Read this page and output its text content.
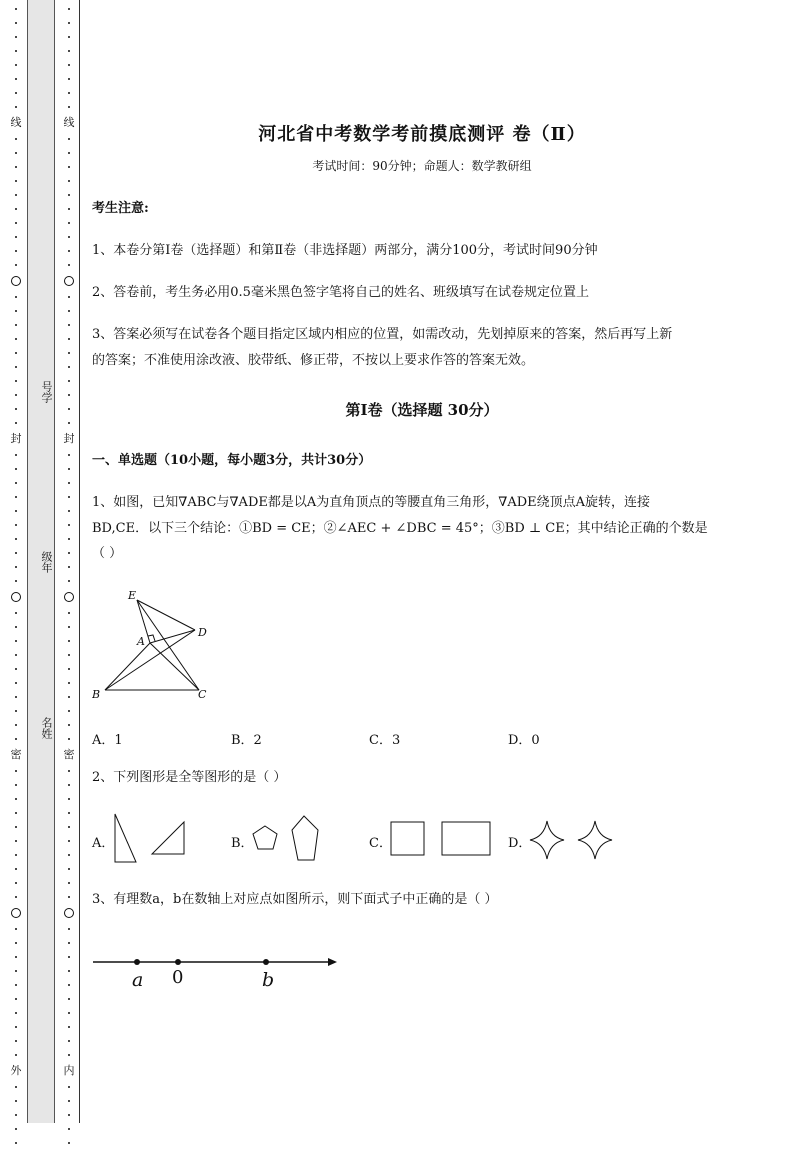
线
封
密
外
号学
级年
名姓
线
封
密
内
河北省中考数学考前摸底测评 卷（Ⅱ）
考试时间：90分钟；命题人：数学教研组
考生注意:
1、本卷分第I卷（选择题）和第Ⅱ卷（非选择题）两部分，满分100分，考试时间90分钟
2、答卷前，考生务必用0.5毫米黑色签字笔将自己的姓名、班级填写在试卷规定位置上
3、答案必须写在试卷各个题目指定区域内相应的位置，如需改动，先划掉原来的答案，然后再写上新
的答案；不准使用涂改液、胶带纸、修正带，不按以上要求作答的答案无效。
第I卷（选择题 30分）
一、单选题（10小题，每小题3分，共计30分）
1、如图，已知∇ABC与∇ADE都是以A为直角顶点的等腰直角三角形，∇ADE绕顶点A旋转，连接
BD,CE．以下三个结论：①BD = CE；②∠AEC + ∠DBC = 45°；③BD ⊥ CE；其中结论正确的个数是
（ ）
E
A
D
B	C
A．1	B．2	C．3	D．0
2、下列图形是全等图形的是（ ）
A．	B．	C．	D．
3、有理数a，b在数轴上对应点如图所示，则下面式子中正确的是（ ）
a 0	b
